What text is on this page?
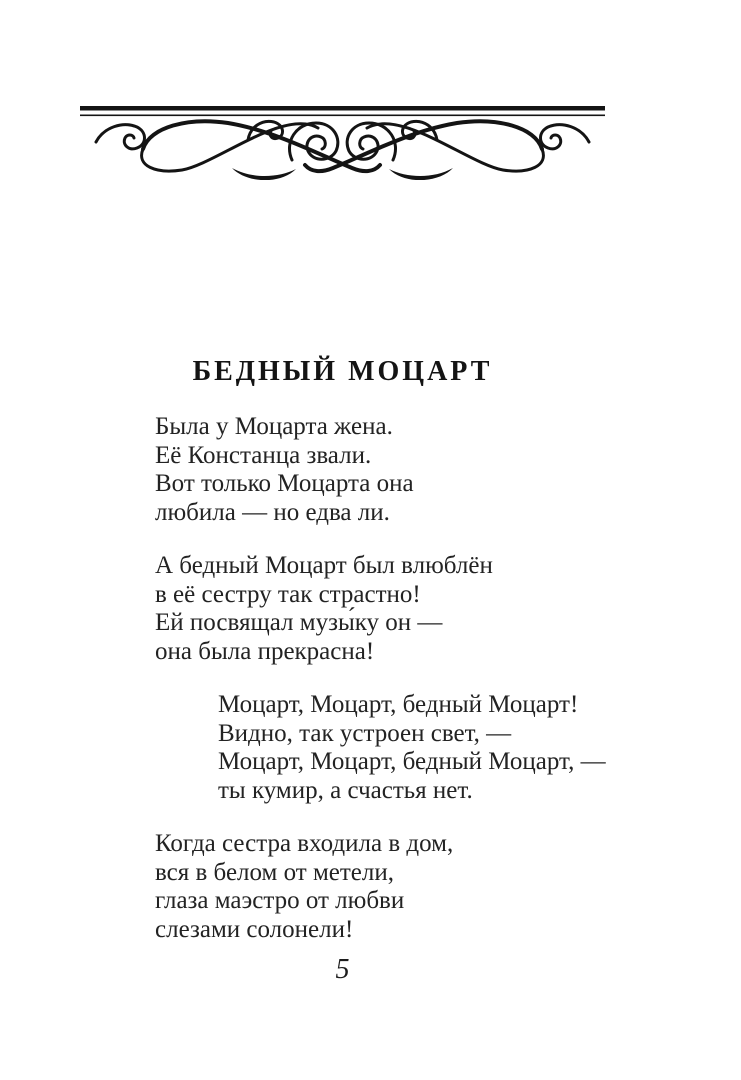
БЕДНЫЙ МОЦАРТ
Была у Моцарта жена.
Её Констанца звали.
Вот только Моцарта она
любила — но едва ли.
А бедный Моцарт был влюблён
в её сестру так страстно!
Ей посвящал музы́ку он —
она была прекрасна!
Моцарт, Моцарт, бедный Моцарт!
Видно, так устроен свет, —
Моцарт, Моцарт, бедный Моцарт, —
ты кумир, а счастья нет.
Когда сестра входила в дом,
вся в белом от метели,
глаза маэстро от любви
слезами солонели!
5
